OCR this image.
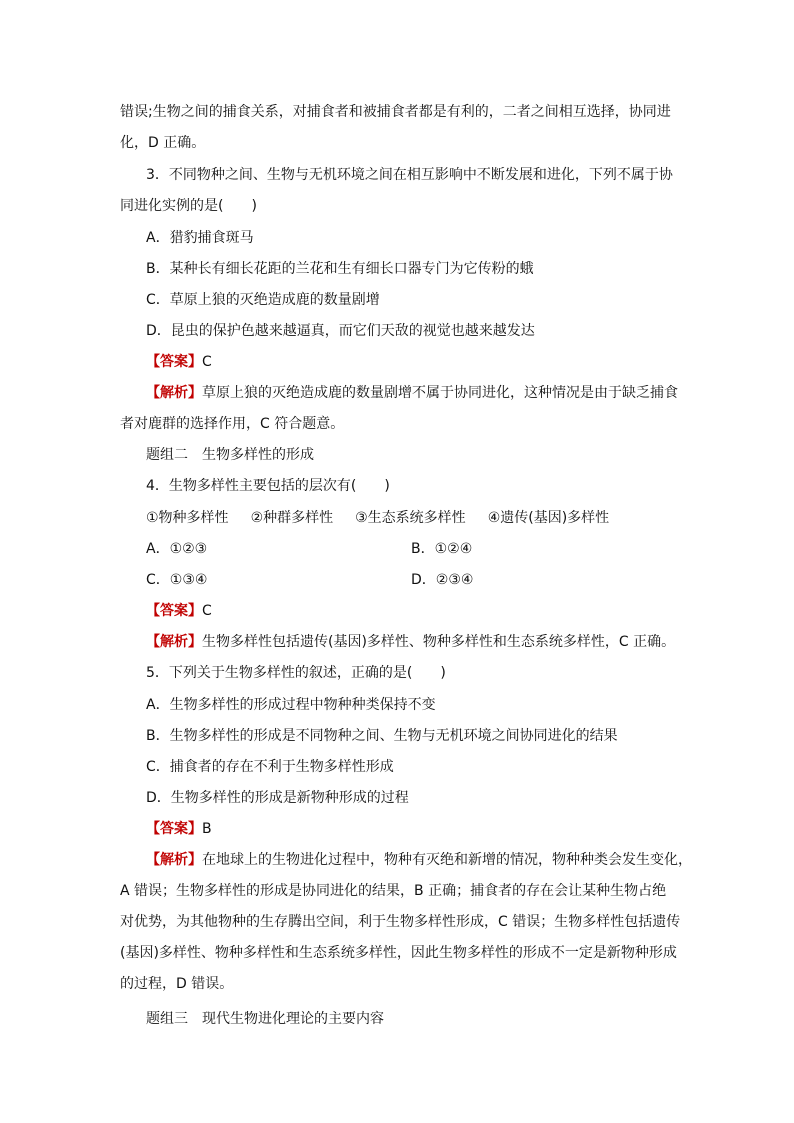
错误;生物之间的捕食关系，对捕食者和被捕食者都是有利的，二者之间相互选择，协同进
化，D 正确。
3．不同物种之间、生物与无机环境之间在相互影响中不断发展和进化，下列不属于协
同进化实例的是(　　)
A．猎豹捕食斑马
B．某种长有细长花距的兰花和生有细长口器专门为它传粉的蛾
C．草原上狼的灭绝造成鹿的数量剧增
D．昆虫的保护色越来越逼真，而它们天敌的视觉也越来越发达
【答案】C
【解析】草原上狼的灭绝造成鹿的数量剧增不属于协同进化，这种情况是由于缺乏捕食
者对鹿群的选择作用，C 符合题意。
题组二　生物多样性的形成
4．生物多样性主要包括的层次有(　　)
①物种多样性 ②种群多样性 ③生态系统多样性 ④遗传(基因)多样性
A．①②③	B．①②④
C．①③④	D．②③④
【答案】C
【解析】生物多样性包括遗传(基因)多样性、物种多样性和生态系统多样性，C 正确。
5．下列关于生物多样性的叙述，正确的是(　　)
A．生物多样性的形成过程中物种种类保持不变
B．生物多样性的形成是不同物种之间、生物与无机环境之间协同进化的结果
C．捕食者的存在不利于生物多样性形成
D．生物多样性的形成是新物种形成的过程
【答案】B
【解析】在地球上的生物进化过程中，物种有灭绝和新增的情况，物种种类会发生变化，
A 错误；生物多样性的形成是协同进化的结果，B 正确；捕食者的存在会让某种生物占绝
对优势，为其他物种的生存腾出空间，利于生物多样性形成，C 错误；生物多样性包括遗传
(基因)多样性、物种多样性和生态系统多样性，因此生物多样性的形成不一定是新物种形成
的过程，D 错误。
题组三　现代生物进化理论的主要内容
